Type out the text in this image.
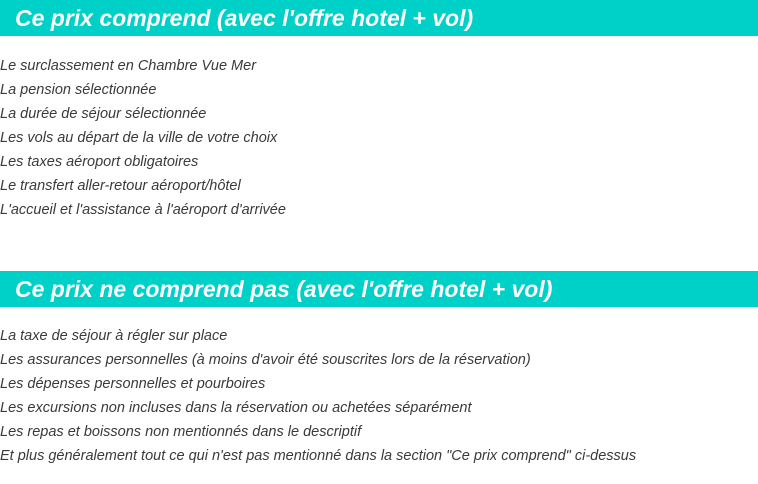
Ce prix comprend (avec l'offre hotel + vol)
Le surclassement en Chambre Vue Mer
La pension sélectionnée
La durée de séjour sélectionnée
Les vols au départ de la ville de votre choix
Les taxes aéroport obligatoires
Le transfert aller-retour aéroport/hôtel
L'accueil et l'assistance à l'aéroport d'arrivée
Ce prix ne comprend pas (avec l'offre hotel + vol)
La taxe de séjour à régler sur place
Les assurances personnelles (à moins d'avoir été souscrites lors de la réservation)
Les dépenses personnelles et pourboires
Les excursions non incluses dans la réservation ou achetées séparément
Les repas et boissons non mentionnés dans le descriptif
Et plus généralement tout ce qui n'est pas mentionné dans la section "Ce prix comprend" ci-dessus
